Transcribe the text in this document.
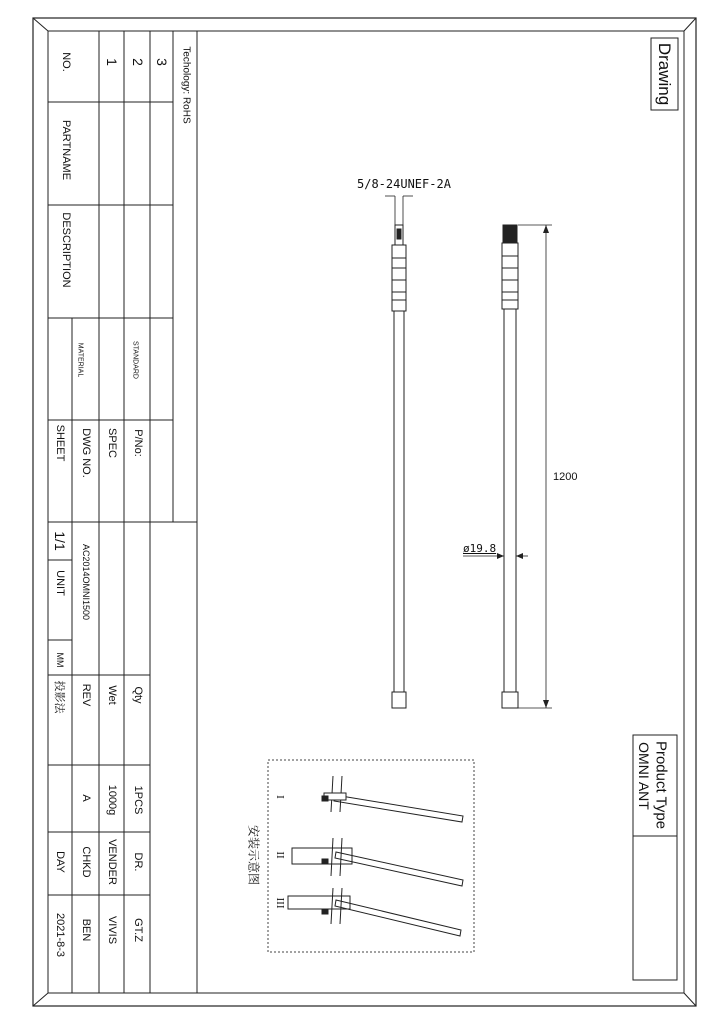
Drawing
Product Type
OMNI ANT
Techology: RoHS
NO. 1 2 3
PARTNAME
DESCRIPTION
STANDARD
MATERIAL
P/No:
SPEC
DWG NO.
SHEET
AC2014OMNI1500
1/1
UNIT
MM
Qty
Wet
REV
投影法
1PCS
1000g
A
DR.
VENDER
CHKD
DAY
GT.Z
VIVIS
BEN
2021-8-3
5/8-24UNEF-2A
1200
ø19.8
安装示意图
I
II
III
